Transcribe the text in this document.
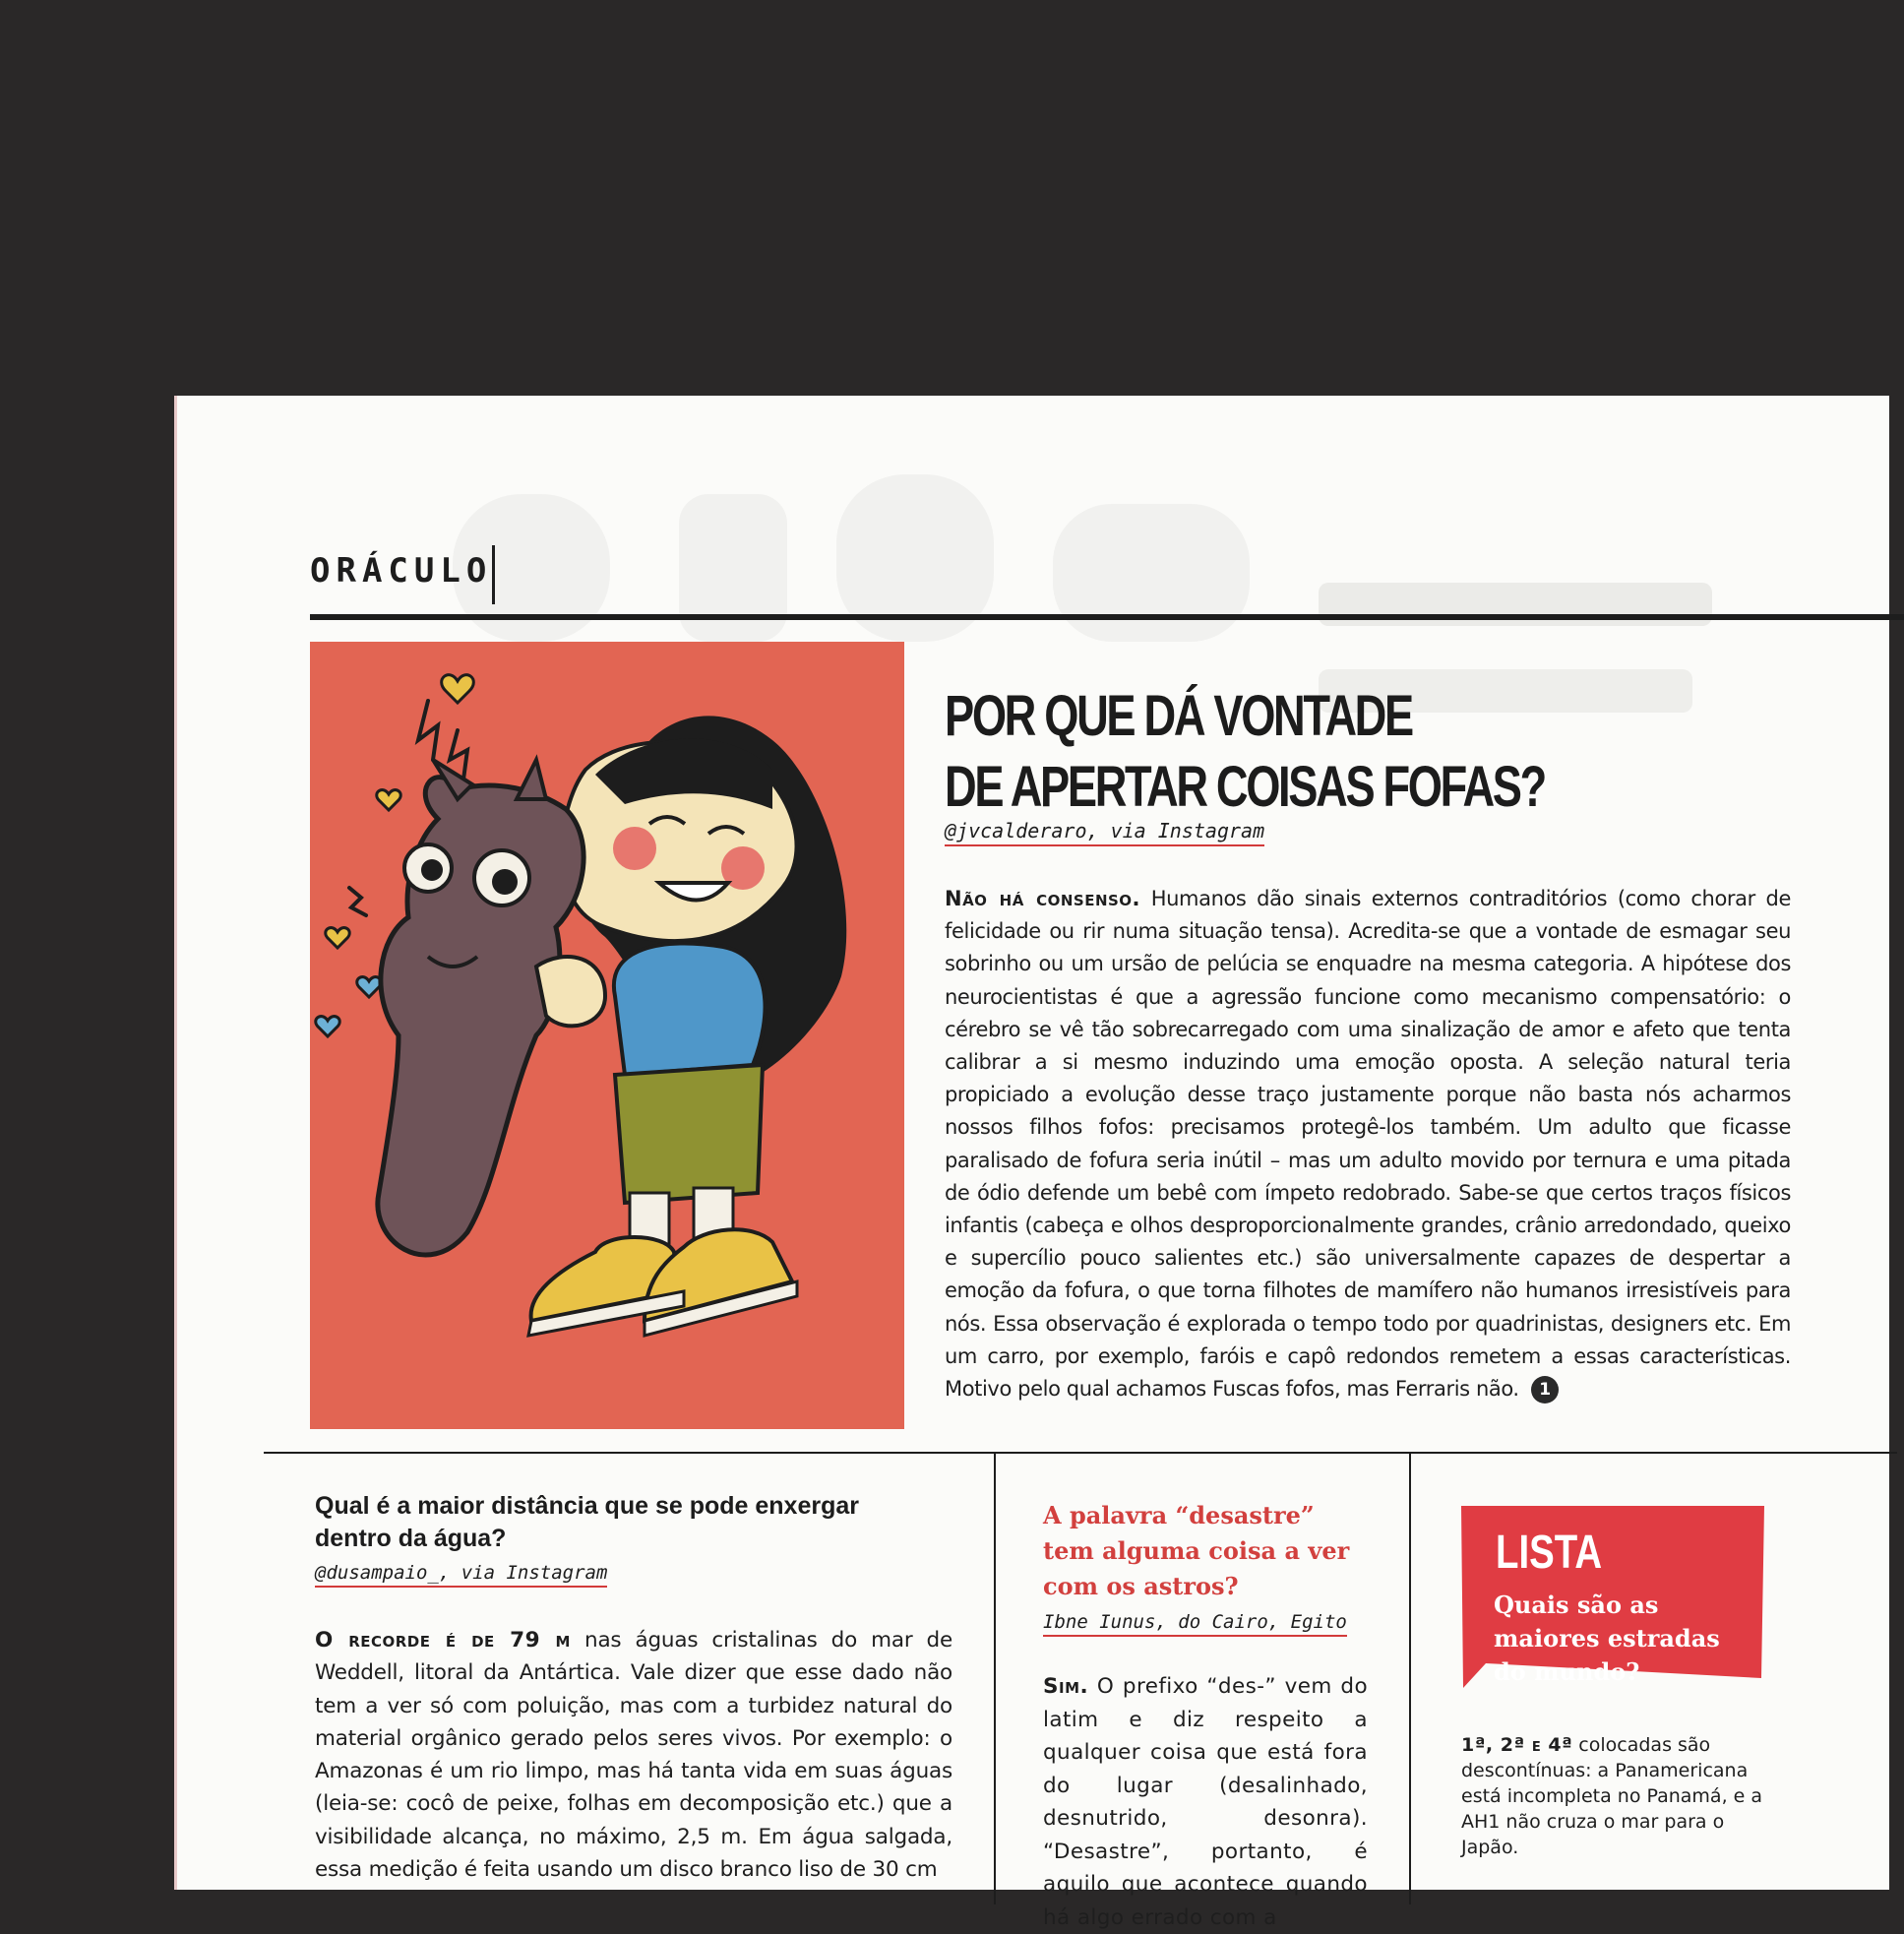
ORÁCULO
POR QUE DÁ VONTADE
DE APERTAR COISAS FOFAS?
@jvcalderaro, via Instagram

Não há consenso. Humanos dão sinais externos contraditórios (como chorar de felicidade ou rir numa situação tensa). Acredita-se que a vontade de esmagar seu sobrinho ou um ursão de pelúcia se enquadre na mesma categoria. A hipótese dos neurocientistas é que a agressão funcione como mecanismo compensatório: o cérebro se vê tão sobrecarregado com uma sinalização de amor e afeto que tenta calibrar a si mesmo induzindo uma emoção oposta. A seleção natural teria propiciado a evolução desse traço justamente porque não basta nós acharmos nossos filhos fofos: precisamos protegê-los também. Um adulto que ficasse paralisado de fofura seria inútil – mas um adulto movido por ternura e uma pitada de ódio defende um bebê com ímpeto redobrado. Sabe-se que certos traços físicos infantis (cabeça e olhos desproporcionalmente grandes, crânio arredondado, queixo e supercílio pouco salientes etc.) são universalmente capazes de despertar a emoção da fofura, o que torna filhotes de mamífero não humanos irresistíveis para nós. Essa observação é explorada o tempo todo por quadrinistas, designers etc. Em um carro, por exemplo, faróis e capô redondos remetem a essas características. Motivo pelo qual achamos Fuscas fofos, mas Ferraris não. 1

Qual é a maior distância que se pode enxergar dentro da água?
@dusampaio_, via Instagram

O recorde é de 79 m nas águas cristalinas do mar de Weddell, litoral da Antártica. Vale dizer que esse dado não tem a ver só com poluição, mas com a turbidez natural do material orgânico gerado pelos seres vivos. Por exemplo: o Amazonas é um rio limpo, mas há tanta vida em suas águas (leia-se: cocô de peixe, folhas em decomposição etc.) que a visibilidade alcança, no máximo, 2,5 m. Em água salgada, essa medição é feita usando um disco branco liso de 30 cm

A palavra “desastre” tem alguma coisa a ver com os astros?
Ibne Iunus, do Cairo, Egito

Sim. O prefixo “des-” vem do latim e diz respeito a qualquer coisa que está fora do lugar (desalinhado, desnutrido, desonra). “Desastre”, portanto, é aquilo que acontece quando há algo errado com a

LISTA

Quais são as maiores estradas do mundo?

1ª, 2ª e 4ª colocadas são descontínuas: a Panamericana está incompleta no Panamá, e a AH1 não cruza o mar para o Japão.
